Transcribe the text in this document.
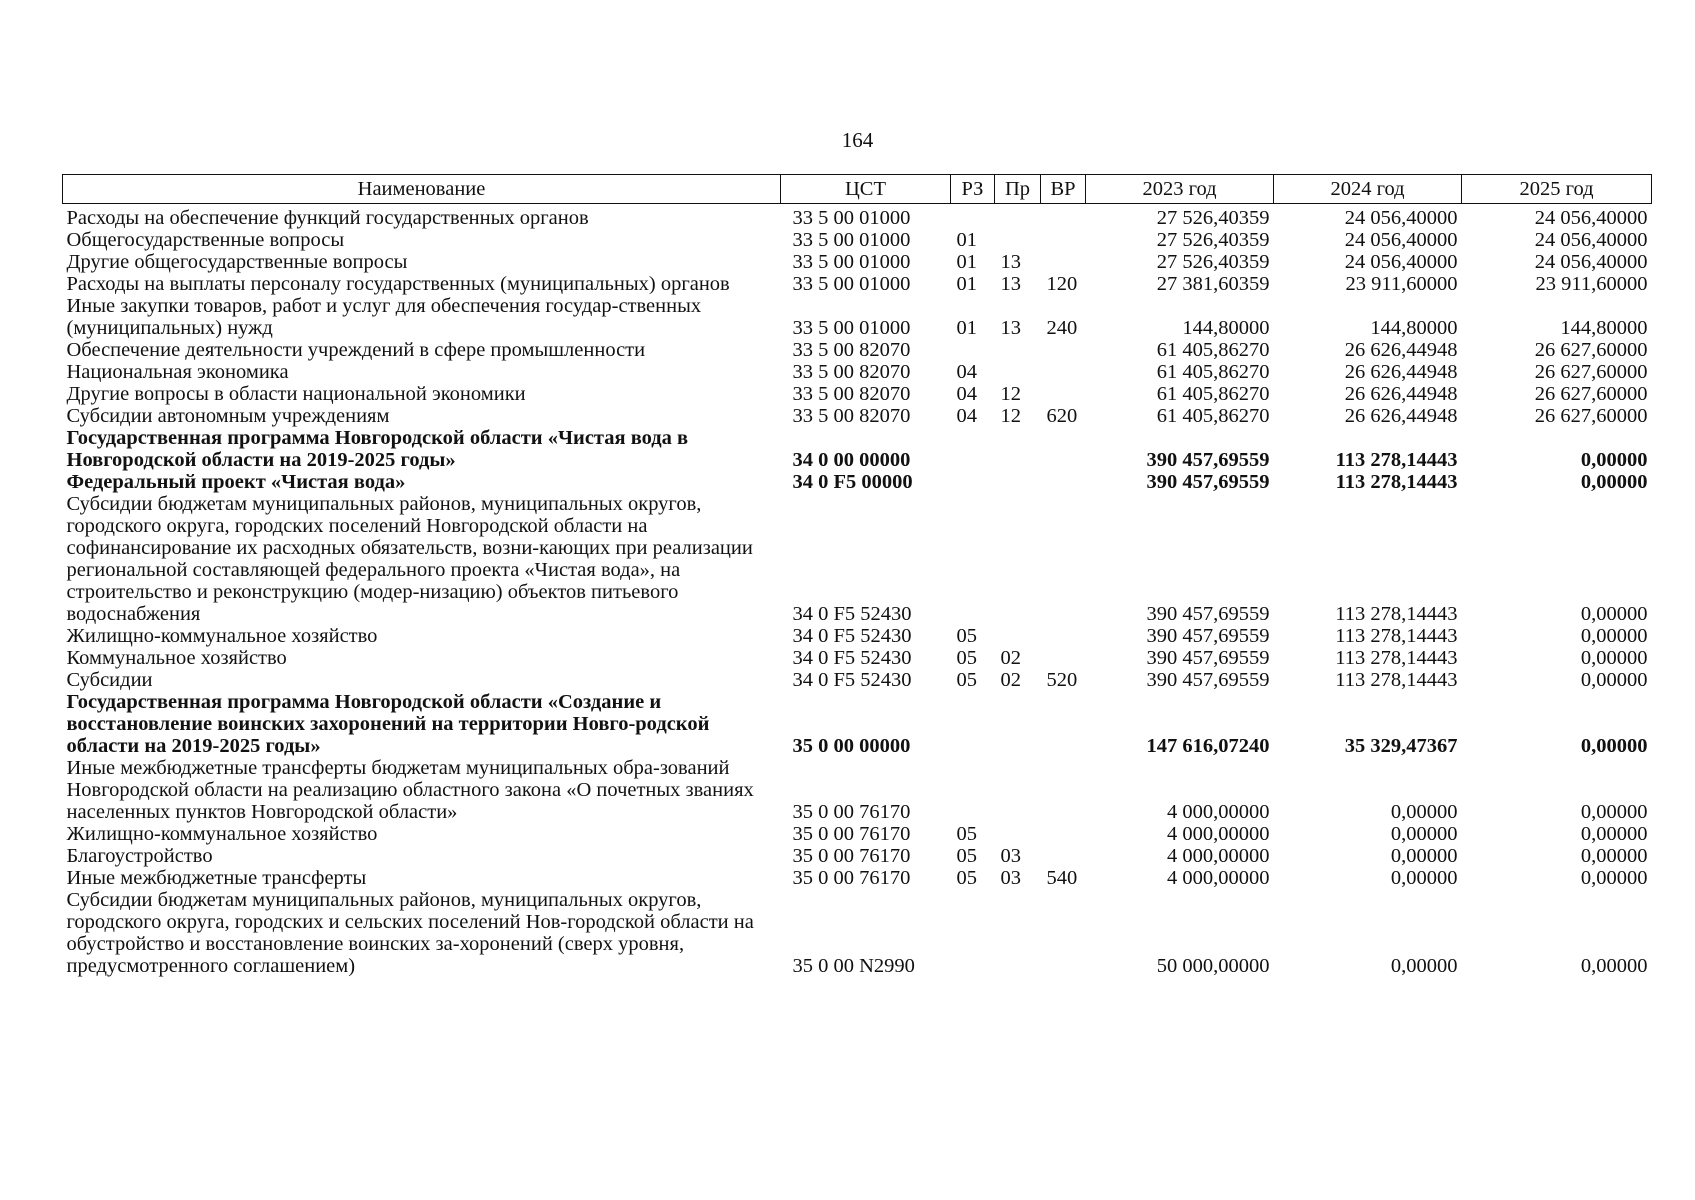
164
Наименование	ЦСТ	РЗ	Пр	ВР	2023 год	2024 год	2025 год
Расходы на обеспечение функций государственных органов	33 5 00 01000				27 526,40359	24 056,40000	24 056,40000
Общегосударственные вопросы	33 5 00 01000	01			27 526,40359	24 056,40000	24 056,40000
Другие общегосударственные вопросы	33 5 00 01000	01	13		27 526,40359	24 056,40000	24 056,40000
Расходы на выплаты персоналу государственных (муниципальных) органов	33 5 00 01000	01	13	120	27 381,60359	23 911,60000	23 911,60000
Иные закупки товаров, работ и услуг для обеспечения государ-ственных (муниципальных) нужд	33 5 00 01000	01	13	240	144,80000	144,80000	144,80000
Обеспечение деятельности учреждений в сфере промышленности	33 5 00 82070				61 405,86270	26 626,44948	26 627,60000
Национальная экономика	33 5 00 82070	04			61 405,86270	26 626,44948	26 627,60000
Другие вопросы в области национальной экономики	33 5 00 82070	04	12		61 405,86270	26 626,44948	26 627,60000
Субсидии автономным учреждениям	33 5 00 82070	04	12	620	61 405,86270	26 626,44948	26 627,60000
Государственная программа Новгородской области «Чистая вода в Новгородской области на 2019-2025 годы»	34 0 00 00000				390 457,69559	113 278,14443	0,00000
Федеральный проект «Чистая вода»	34 0 F5 00000				390 457,69559	113 278,14443	0,00000
Субсидии бюджетам муниципальных районов, муниципальных округов, городского округа, городских поселений Новгородской области на софинансирование их расходных обязательств, возни-кающих при реализации региональной составляющей федерального проекта «Чистая вода», на строительство и реконструкцию (модер-низацию) объектов питьевого водоснабжения	34 0 F5 52430				390 457,69559	113 278,14443	0,00000
Жилищно-коммунальное хозяйство	34 0 F5 52430	05			390 457,69559	113 278,14443	0,00000
Коммунальное хозяйство	34 0 F5 52430	05	02		390 457,69559	113 278,14443	0,00000
Субсидии	34 0 F5 52430	05	02	520	390 457,69559	113 278,14443	0,00000
Государственная программа Новгородской области «Создание и восстановление воинских захоронений на территории Новго-родской области на 2019-2025 годы»	35 0 00 00000				147 616,07240	35 329,47367	0,00000
Иные межбюджетные трансферты бюджетам муниципальных обра-зований Новгородской области на реализацию областного закона «О почетных званиях населенных пунктов Новгородской области»	35 0 00 76170				4 000,00000	0,00000	0,00000
Жилищно-коммунальное хозяйство	35 0 00 76170	05			4 000,00000	0,00000	0,00000
Благоустройство	35 0 00 76170	05	03		4 000,00000	0,00000	0,00000
Иные межбюджетные трансферты	35 0 00 76170	05	03	540	4 000,00000	0,00000	0,00000
Субсидии бюджетам муниципальных районов, муниципальных округов, городского округа, городских и сельских поселений Нов-городской области на обустройство и восстановление воинских за-хоронений (сверх уровня, предусмотренного соглашением)	35 0 00 N2990				50 000,00000	0,00000	0,00000
